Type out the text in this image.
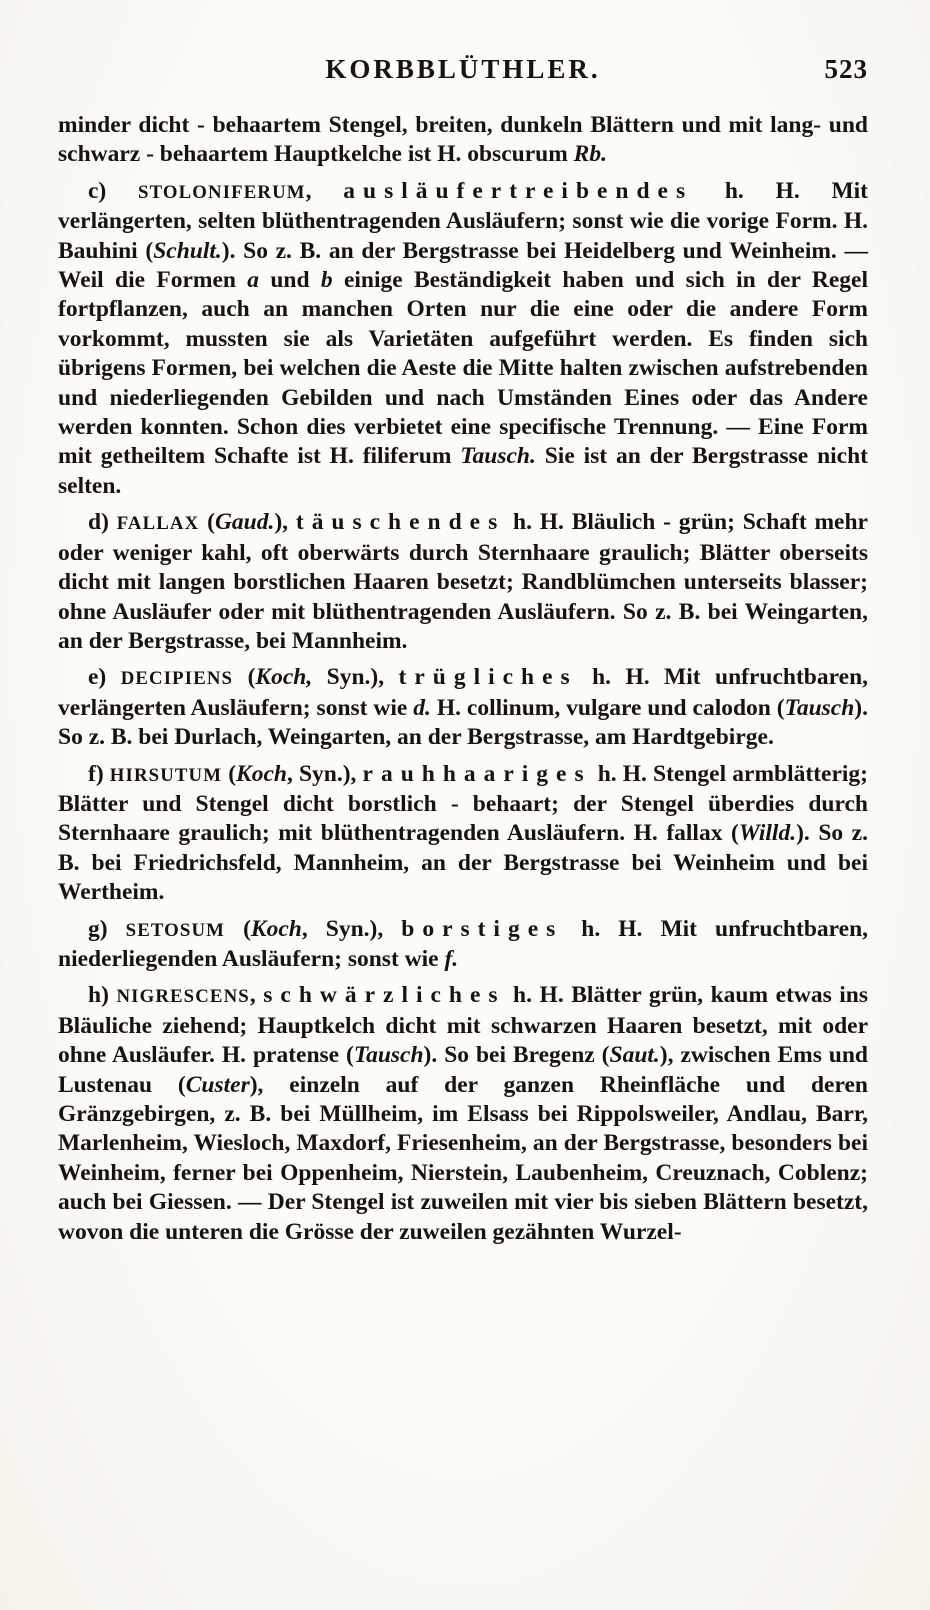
KORBBLÜTHLER.	523

minder dicht - behaartem Stengel, breiten, dunkeln Blättern und mit lang- und schwarz - behaartem Hauptkelche ist H. obscurum Rb.

c) STOLONIFERUM, ausläufertreibendes h. H. Mit verlängerten, selten blüthentragenden Ausläufern; sonst wie die vorige Form. H. Bauhini (Schult.). So z. B. an der Bergstrasse bei Heidelberg und Weinheim. — Weil die Formen a und b einige Beständigkeit haben und sich in der Regel fortpflanzen, auch an manchen Orten nur die eine oder die andere Form vorkommt, mussten sie als Varietäten aufgeführt werden. Es finden sich übrigens Formen, bei welchen die Aeste die Mitte halten zwischen aufstrebenden und niederliegenden Gebilden und nach Umständen Eines oder das Andere werden konnten. Schon dies verbietet eine specifische Trennung. — Eine Form mit getheiltem Schafte ist H. filiferum Tausch. Sie ist an der Bergstrasse nicht selten.

d) FALLAX (Gaud.), täuschendes h. H. Bläulich - grün; Schaft mehr oder weniger kahl, oft oberwärts durch Sternhaare graulich; Blätter oberseits dicht mit langen borstlichen Haaren besetzt; Randblümchen unterseits blasser; ohne Ausläufer oder mit blüthentragenden Ausläufern. So z. B. bei Weingarten, an der Bergstrasse, bei Mannheim.

e) DECIPIENS (Koch, Syn.), trügliches h. H. Mit unfruchtbaren, verlängerten Ausläufern; sonst wie d. H. collinum, vulgare und calodon (Tausch). So z. B. bei Durlach, Weingarten, an der Bergstrasse, am Hardtgebirge.

f) HIRSUTUM (Koch, Syn.), rauhhaariges h. H. Stengel armblätterig; Blätter und Stengel dicht borstlich - behaart; der Stengel überdies durch Sternhaare graulich; mit blüthentragenden Ausläufern. H. fallax (Willd.). So z. B. bei Friedrichsfeld, Mannheim, an der Bergstrasse bei Weinheim und bei Wertheim.

g) SETOSUM (Koch, Syn.), borstiges h. H. Mit unfruchtbaren, niederliegenden Ausläufern; sonst wie f.

h) NIGRESCENS, schwärzliches h. H. Blätter grün, kaum etwas ins Bläuliche ziehend; Hauptkelch dicht mit schwarzen Haaren besetzt, mit oder ohne Ausläufer. H. pratense (Tausch). So bei Bregenz (Saut.), zwischen Ems und Lustenau (Custer), einzeln auf der ganzen Rheinfläche und deren Gränzgebirgen, z. B. bei Müllheim, im Elsass bei Rippolsweiler, Andlau, Barr, Marlenheim, Wiesloch, Maxdorf, Friesenheim, an der Bergstrasse, besonders bei Weinheim, ferner bei Oppenheim, Nierstein, Laubenheim, Creuznach, Coblenz; auch bei Giessen. — Der Stengel ist zuweilen mit vier bis sieben Blättern besetzt, wovon die unteren die Grösse der zuweilen gezähnten Wurzel-
